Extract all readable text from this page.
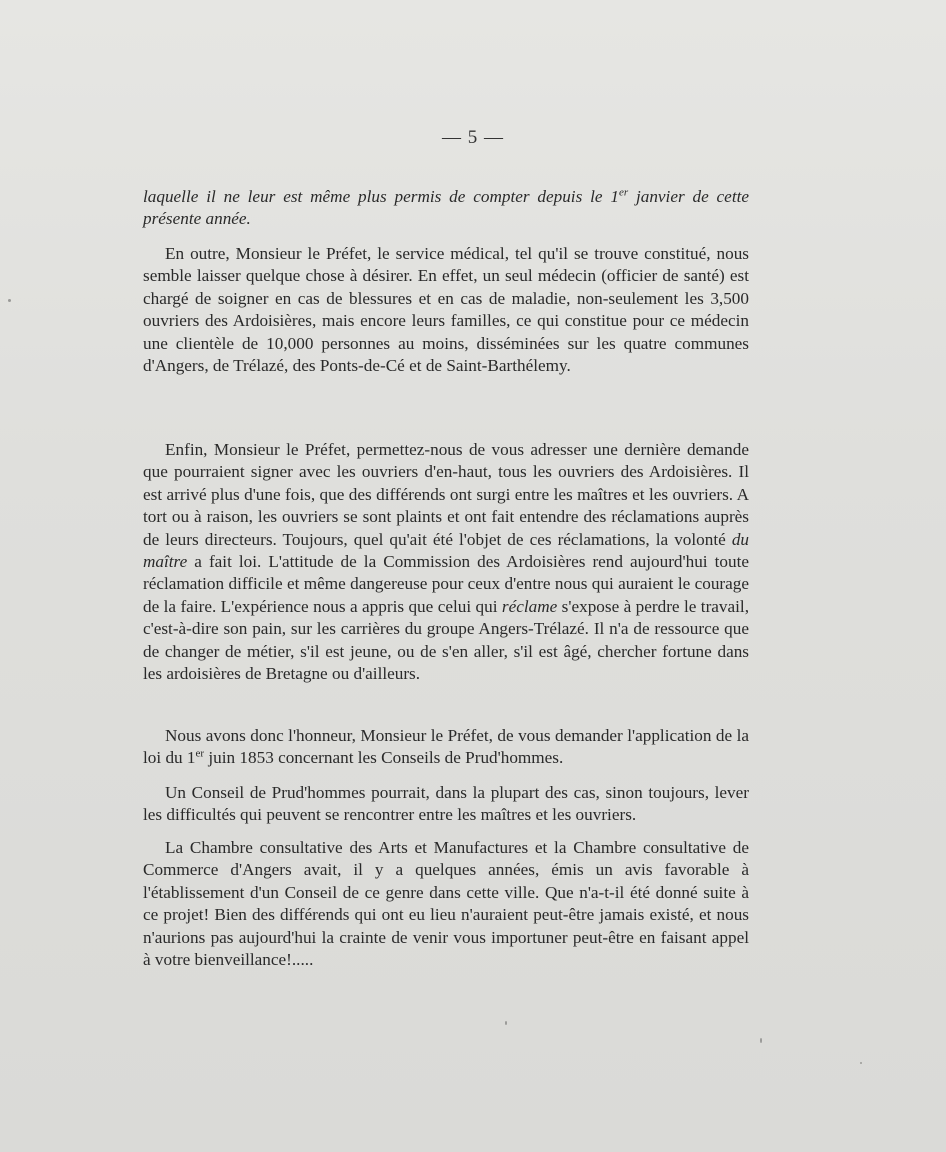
— 5 —

laquelle il ne leur est même plus permis de compter depuis le 1er janvier de cette présente année.

En outre, Monsieur le Préfet, le service médical, tel qu'il se trouve constitué, nous semble laisser quelque chose à désirer. En effet, un seul médecin (officier de santé) est chargé de soigner en cas de blessures et en cas de maladie, non-seulement les 3,500 ouvriers des Ardoisières, mais encore leurs familles, ce qui constitue pour ce médecin une clientèle de 10,000 personnes au moins, disséminées sur les quatre communes d'Angers, de Trélazé, des Ponts-de-Cé et de Saint-Barthélemy.

Enfin, Monsieur le Préfet, permettez-nous de vous adresser une dernière demande que pourraient signer avec les ouvriers d'en-haut, tous les ouvriers des Ardoisières. Il est arrivé plus d'une fois, que des différends ont surgi entre les maîtres et les ouvriers. A tort ou à raison, les ouvriers se sont plaints et ont fait entendre des réclamations auprès de leurs directeurs. Toujours, quel qu'ait été l'objet de ces réclamations, la volonté du maître a fait loi. L'attitude de la Commission des Ardoisières rend aujourd'hui toute réclamation difficile et même dangereuse pour ceux d'entre nous qui auraient le courage de la faire. L'expérience nous a appris que celui qui réclame s'expose à perdre le travail, c'est-à-dire son pain, sur les carrières du groupe Angers-Trélazé. Il n'a de ressource que de changer de métier, s'il est jeune, ou de s'en aller, s'il est âgé, chercher fortune dans les ardoisières de Bretagne ou d'ailleurs.

Nous avons donc l'honneur, Monsieur le Préfet, de vous demander l'application de la loi du 1er juin 1853 concernant les Conseils de Prud'hommes.

Un Conseil de Prud'hommes pourrait, dans la plupart des cas, sinon toujours, lever les difficultés qui peuvent se rencontrer entre les maîtres et les ouvriers.

La Chambre consultative des Arts et Manufactures et la Chambre consultative de Commerce d'Angers avait, il y a quelques années, émis un avis favorable à l'établissement d'un Conseil de ce genre dans cette ville. Que n'a-t-il été donné suite à ce projet! Bien des différends qui ont eu lieu n'auraient peut-être jamais existé, et nous n'aurions pas aujourd'hui la crainte de venir vous importuner peut-être en faisant appel à votre bienveillance!.....
